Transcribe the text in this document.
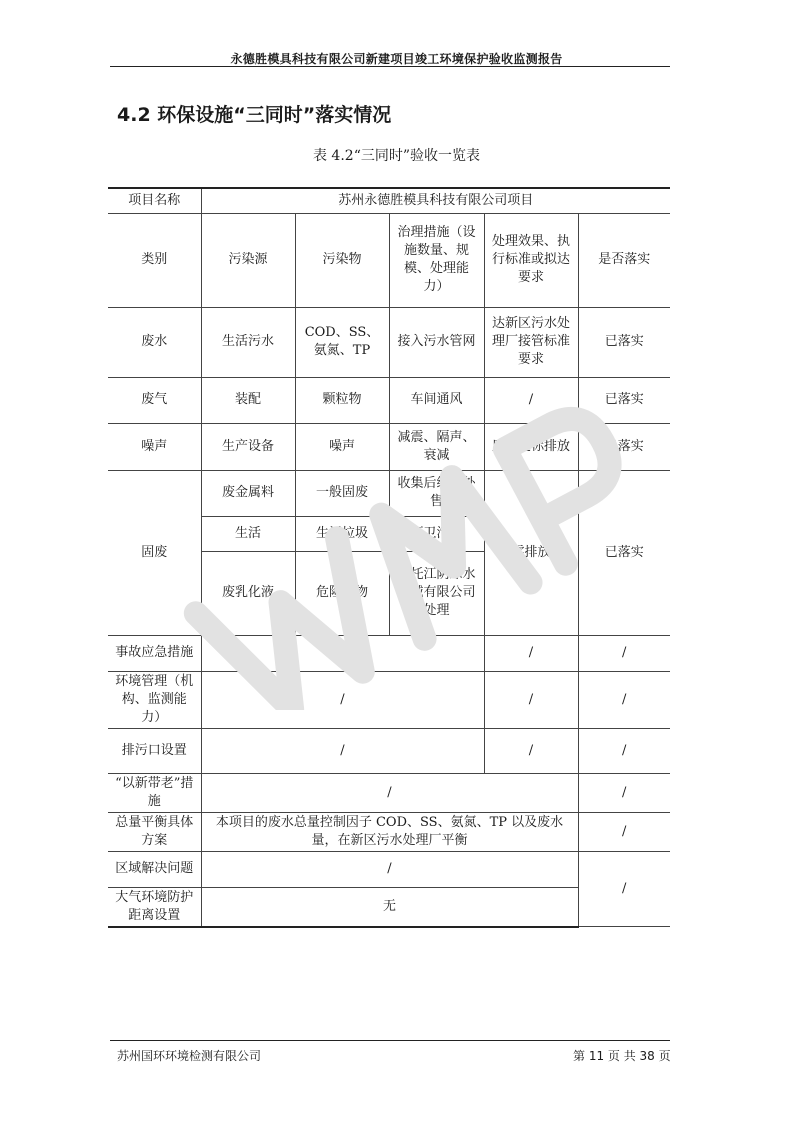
永德胜模具科技有限公司新建项目竣工环境保护验收监测报告
4.2 环保设施“三同时”落实情况
表 4.2“三同时”验收一览表
项目名称	苏州永德胜模具科技有限公司项目				
类别	污染源	污染物	治理措施（设施数量、规模、处理能力）	处理效果、执行标准或拟达要求	是否落实
废水	生活污水	COD、SS、氨氮、TP	接入污水管网	达新区污水处理厂接管标准要求	已落实
废气	装配	颗粒物	车间通风	/	已落实
噪声	生产设备	噪声	减震、隔声、衰减	厂界达标排放	已落实
固废	废金属料	一般固废	收集后统一外售	零排放	已落实
	生活	生活垃圾	环卫清运		
	废乳化液	危险废物	委托江阴绿水机械有限公司处理		
事故应急措施	/			/	/
环境管理（机构、监测能力）	/			/	/
排污口设置	/			/	/
“以新带老”措施	/				/
总量平衡具体方案	本项目的废水总量控制因子 COD、SS、氨氮、TP 以及废水量，在新区污水处理厂平衡				/
区域解决问题	/				/
大气环境防护距离设置	无				
苏州国环环境检测有限公司	第 11 页 共 38 页
